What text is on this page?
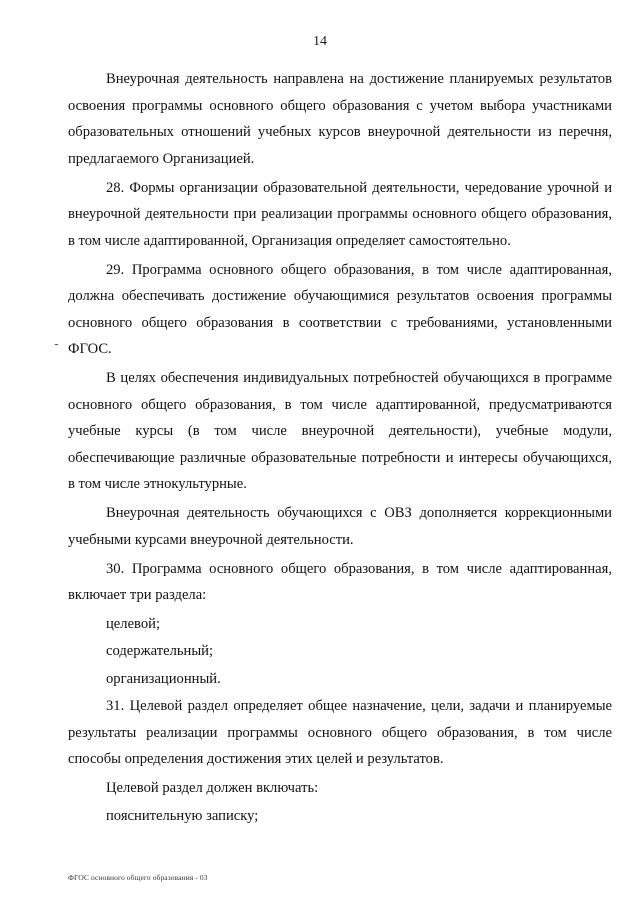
14

Внеурочная деятельность направлена на достижение планируемых результатов освоения программы основного общего образования с учетом выбора участниками образовательных отношений учебных курсов внеурочной деятельности из перечня, предлагаемого Организацией.

28. Формы организации образовательной деятельности, чередование урочной и внеурочной деятельности при реализации программы основного общего образования, в том числе адаптированной, Организация определяет самостоятельно.

29. Программа основного общего образования, в том числе адаптированная, должна обеспечивать достижение обучающимися результатов освоения программы основного общего образования в соответствии с требованиями, установленными ФГОС.

В целях обеспечения индивидуальных потребностей обучающихся в программе основного общего образования, в том числе адаптированной, предусматриваются учебные курсы (в том числе внеурочной деятельности), учебные модули, обеспечивающие различные образовательные потребности и интересы обучающихся, в том числе этнокультурные.

Внеурочная деятельность обучающихся с ОВЗ дополняется коррекционными учебными курсами внеурочной деятельности.

30. Программа основного общего образования, в том числе адаптированная, включает три раздела:

целевой;

содержательный;

организационный.

31. Целевой раздел определяет общее назначение, цели, задачи и планируемые результаты реализации программы основного общего образования, в том числе способы определения достижения этих целей и результатов.

Целевой раздел должен включать:

пояснительную записку;

ФГОС основного общего образования - 03
